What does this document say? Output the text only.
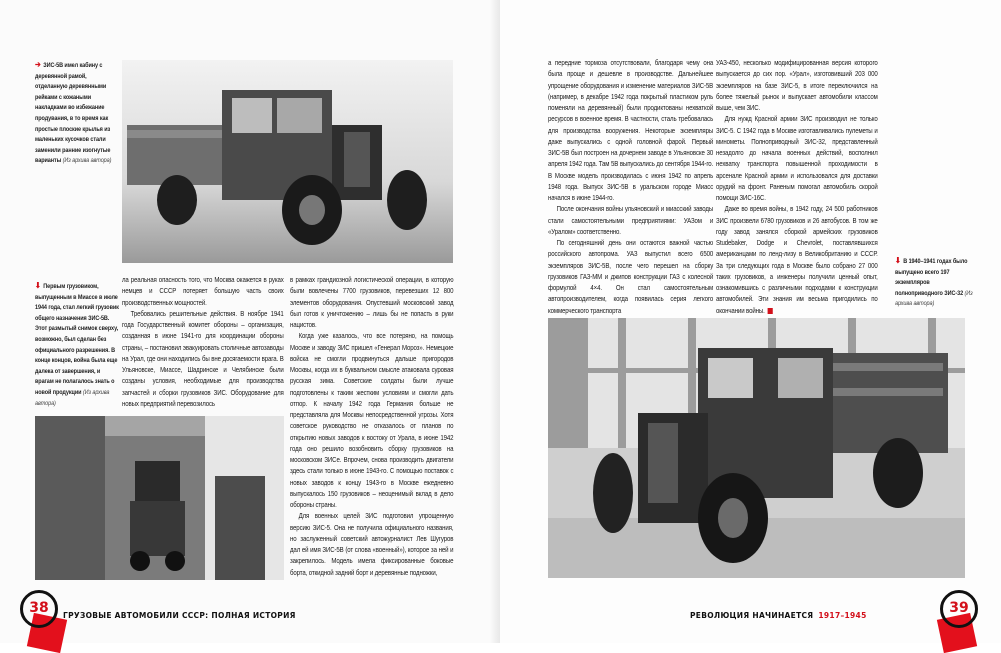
➔ ЗИС-5В имел кабину с деревянной рамой, отделанную деревянными рейками с кожаными накладками во избежание продувания, в то время как простые плоские крылья из маленьких кусочков стали заменили ранние изогнутые варианты (Из архива автора)
⬇ Первым грузовиком, выпущенным в Миассе в июле 1944 года, стал легкий грузовик общего назначения ЗИС-5В. Этот размытый снимок сверху, возможно, был сделан без официального разрешения. В конце концов, война была еще далека от завершения, и врагам не полагалось знать о новой продукции (Из архива автора)

ла реальная опасность того, что Москва окажется в руках немцев и СССР потеряет большую часть своих производственных мощностей.

Требовались решительные действия. В ноябре 1941 года Государственный комитет обороны – организация, созданная в июне 1941-го для координации обороны страны, – постановил эвакуировать столичные автозаводы на Урал, где они находились бы вне досягаемости врага. В Ульяновске, Миассе, Шадринске и Челябинске были созданы условия, необходимые для производства запчастей и сборки грузовиков ЗИС. Оборудование для новых предприятий перевозилось

в рамках грандиозной логистической операции, в которую были вовлечены 7700 грузовиков, перевезших 12 800 элементов оборудования. Опустевший московский завод был готов к уничтожению – лишь бы не попасть в руки нацистов.

Когда уже казалось, что все потеряно, на помощь Москве и заводу ЗИС пришел «Генерал Мороз». Немецкие войска не смогли продвинуться дальше пригородов Москвы, когда их в буквальном смысле атаковала суровая русская зима. Советские солдаты были лучше подготовлены к таким жестким условиям и смогли дать отпор. К началу 1942 года Германия больше не представляла для Москвы непосредственной угрозы. Хотя советское руководство не отказалось от планов по открытию новых заводов к востоку от Урала, в июне 1942 года оно решило возобновить сборку грузовиков на московском ЗИСе. Впрочем, снова производить двигатели здесь стали только в июне 1943-го. С помощью поставок с новых заводов к концу 1943-го в Москве ежедневно выпускалось 150 грузовиков – неоценимый вклад в дело обороны страны.

Для военных целей ЗИС подготовил упрощенную версию ЗИС-5. Она не получила официального названия, но заслуженный советский автожурналист Лев Шугуров дал ей имя ЗИС-5В (от слова «военный»), которое за ней и закрепилось. Модель имела фиксированные боковые борта, откидной задний борт и деревянные подножки,

38	ГРУЗОВЫЕ АВТОМОБИЛИ СССР: ПОЛНАЯ ИСТОРИЯ

а передние тормоза отсутствовали, благодаря чему она была проще и дешевле в производстве. Дальнейшее упрощение оборудования и изменение материалов ЗИС-5В (например, в декабре 1942 года покрытый пластиком руль поменяли на деревянный) были продиктованы нехваткой ресурсов в военное время. В частности, сталь требовалась для производства вооружения. Некоторые экземпляры даже выпускались с одной головной фарой. Первый ЗИС-5В был построен на дочернем заводе в Ульяновске 30 апреля 1942 года. Там 5В выпускались до сентября 1944-го. В Москве модель производилась с июня 1942 по апрель 1948 года. Выпуск ЗИС-5В в уральском городе Миасс начался в июне 1944-го.

После окончания войны ульяновский и миасский заводы стали самостоятельными предприятиями: УАЗом и «Уралом» соответственно.

По сегодняшний день они остаются важной частью российского автопрома. УАЗ выпустил всего 6500 экземпляров ЗИС-5В, после чего перешел на сборку грузовиков ГАЗ-ММ и джипов конструкции ГАЗ с колесной формулой 4×4. Он стал самостоятельным автопроизводителем, когда появилась серия легкого коммерческого транспорта

УАЗ-450, несколько модифицированная версия которого выпускается до сих пор. «Урал», изготовивший 203 000 экземпляров на базе ЗИС-5, в итоге переключился на более тяжелый рынок и выпускает автомобили классом выше, чем ЗИС.

Для нужд Красной армии ЗИС производил не только ЗИС-5. С 1942 года в Москве изготавливались пулеметы и минометы. Полноприводный ЗИС-32, представленный незадолго до начала военных действий, восполнил нехватку транспорта повышенной проходимости в арсенале Красной армии и использовался для доставки орудий на фронт. Раненым помогал автомобиль скорой помощи ЗИС-16С.

Даже во время войны, в 1942 году, 24 500 работников ЗИС произвели 6780 грузовиков и 26 автобусов. В том же году завод занялся сборкой армейских грузовиков Studebaker, Dodge и Chevrolet, поставлявшихся американцами по ленд-лизу в Великобританию и СССР. За три следующих года в Москве было собрано 27 000 таких грузовиков, а инженеры получили ценный опыт, ознакомившись с различными подходами к конструкции автомобилей. Эти знания им весьма пригодились по окончании войны.

⬇ В 1940–1941 годах было выпущено всего 197 экземпляров полноприводного ЗИС-32 (Из архива автора)
РЕВОЛЮЦИЯ НАЧИНАЕТСЯ 1917–1945	39
